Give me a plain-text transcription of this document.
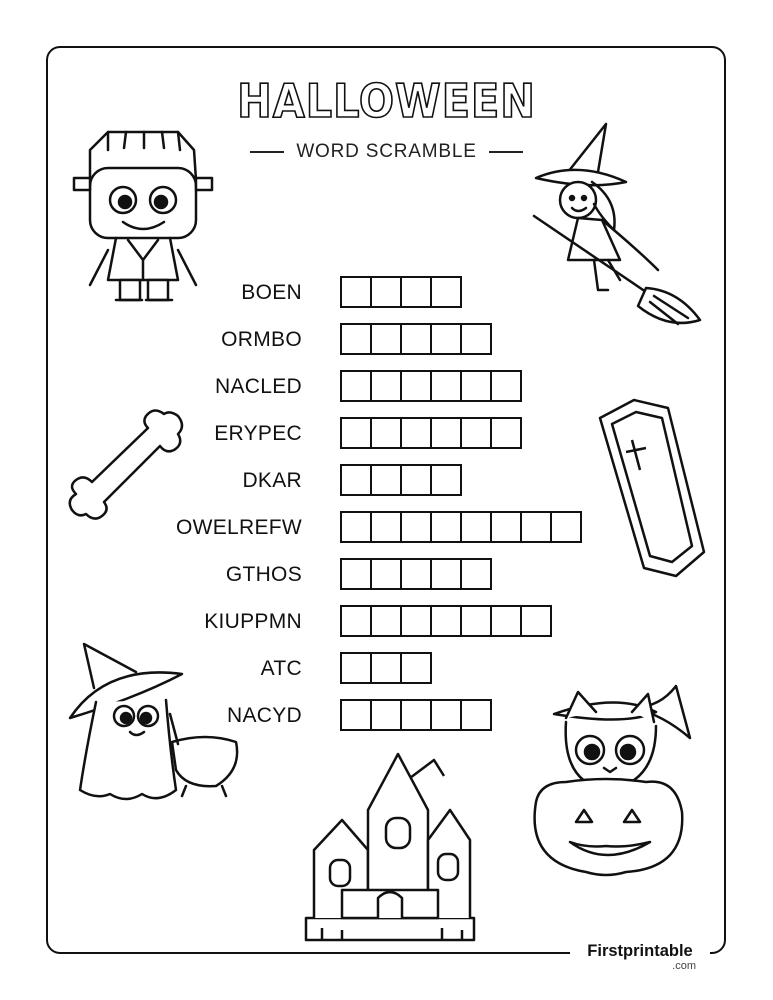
HALLOWEEN
WORD SCRAMBLE
BOEN
ORMBO
NACLED
ERYPEC
DKAR
OWELREFW
GTHOS
KIUPPMN
ATC
NACYD
Firstprintable
.com
